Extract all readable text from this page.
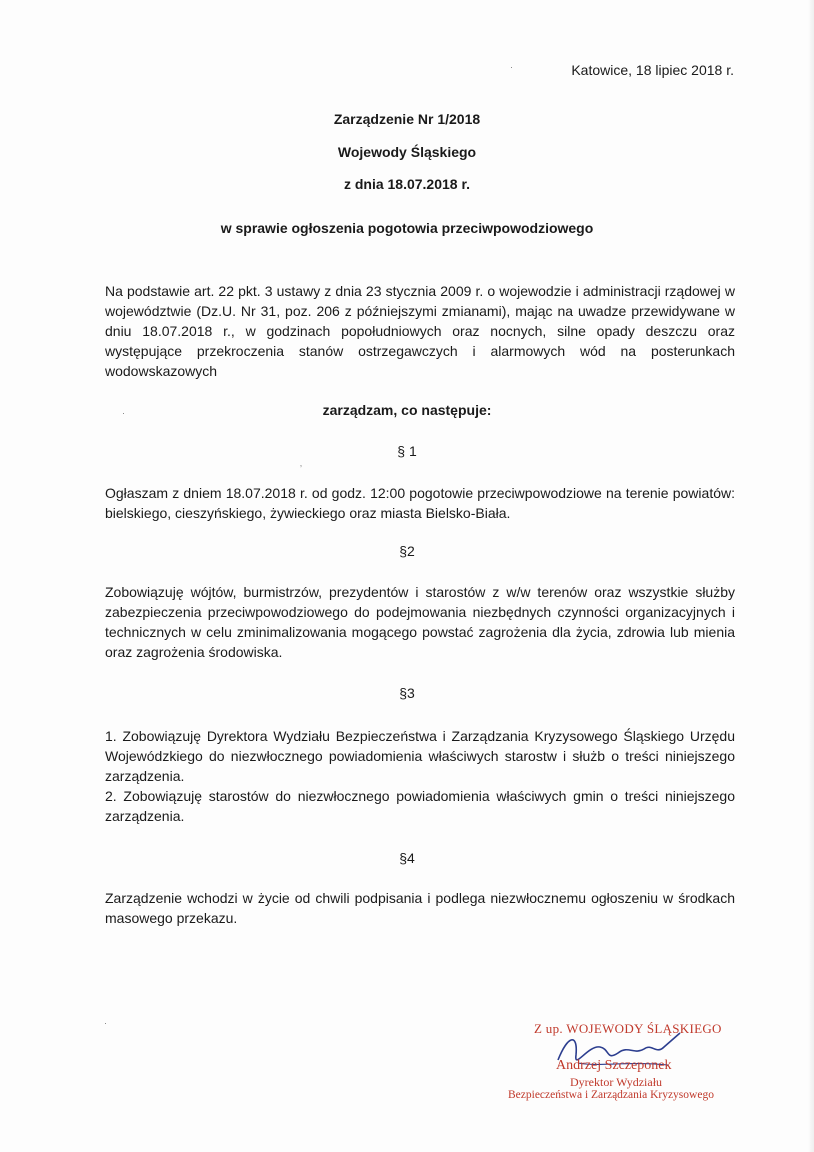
Katowice, 18 lipiec 2018 r.
Zarządzenie Nr 1/2018
Wojewody Śląskiego
z dnia 18.07.2018 r.
w sprawie ogłoszenia pogotowia przeciwpowodziowego
Na podstawie art. 22 pkt. 3 ustawy z dnia 23 stycznia 2009 r. o wojewodzie i administracji rządowej w województwie (Dz.U. Nr 31, poz. 206 z późniejszymi zmianami), mając na uwadze przewidywane w dniu 18.07.2018 r., w godzinach popołudniowych oraz nocnych, silne opady deszczu oraz występujące przekroczenia stanów ostrzegawczych i alarmowych wód na posterunkach wodowskazowych
zarządzam, co następuje:
§ 1
Ogłaszam z dniem 18.07.2018 r. od godz. 12:00 pogotowie przeciwpowodziowe na terenie powiatów: bielskiego, cieszyńskiego, żywieckiego oraz miasta Bielsko-Biała.
§2
Zobowiązuję wójtów, burmistrzów, prezydentów i starostów z w/w terenów oraz wszystkie służby zabezpieczenia przeciwpowodziowego do podejmowania niezbędnych czynności organizacyjnych i technicznych w celu zminimalizowania mogącego powstać zagrożenia dla życia, zdrowia lub mienia oraz zagrożenia środowiska.
§3
1. Zobowiązuję Dyrektora Wydziału Bezpieczeństwa i Zarządzania Kryzysowego Śląskiego Urzędu Wojewódzkiego do niezwłocznego powiadomienia właściwych starostw i służb o treści niniejszego zarządzenia.
2. Zobowiązuję starostów do niezwłocznego powiadomienia właściwych gmin o treści niniejszego zarządzenia.
§4
Zarządzenie wchodzi w życie od chwili podpisania i podlega niezwłocznemu ogłoszeniu w środkach masowego przekazu.
·
ʼ
·
·	Z up. WOJEWODY ŚLĄSKIEGO
Andrzej Szczeponek
Dyrektor Wydziału
Bezpieczeństwa i Zarządzania Kryzysowego
